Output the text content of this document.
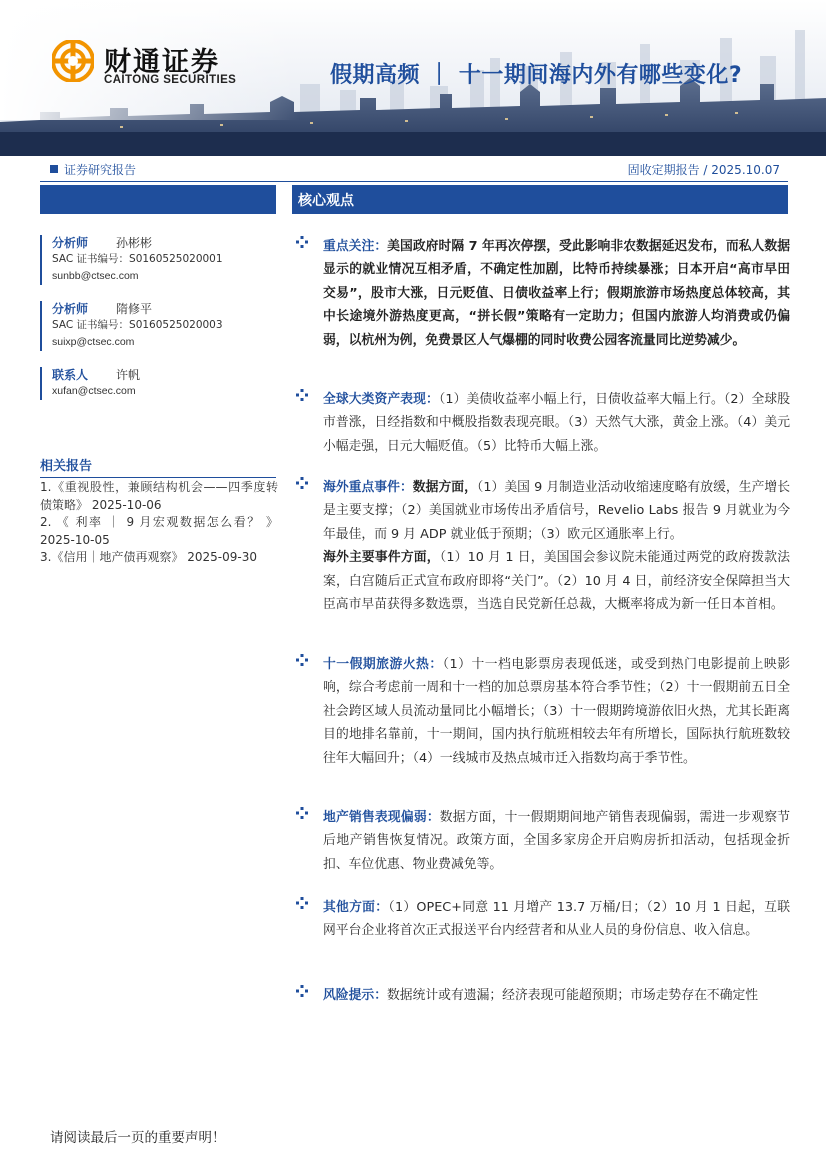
财通证券
CAITONG SECURITIES	假期高频 ｜ 十一期间海内外有哪些变化?
证券研究报告	固收定期报告 / 2025.10.07
分析师 孙彬彬
SAC 证书编号：S0160525020001
sunbb@ctsec.com
分析师 隋修平
SAC 证书编号：S0160525020003
suixp@ctsec.com
联系人 许帆
xufan@ctsec.com
相关报告
1.《重视股性，兼顾结构机会——四季度转债策略》 2025-10-06
2. 《 利率 ｜ 9 月宏观数据怎么看？ 》 2025-10-05
3.《信用｜地产债再观察》 2025-09-30
核心观点
重点关注：美国政府时隔 7 年再次停摆，受此影响非农数据延迟发布，而私人数据显示的就业情况互相矛盾，不确定性加剧，比特币持续暴涨；日本开启“高市早田交易”，股市大涨，日元贬值、日债收益率上行；假期旅游市场热度总体较高，其中长途境外游热度更高，“拼长假”策略有一定助力；但国内旅游人均消费或仍偏弱，以杭州为例，免费景区人气爆棚的同时收费公园客流量同比逆势减少。
全球大类资产表现：（1）美债收益率小幅上行，日债收益率大幅上行。（2）全球股市普涨，日经指数和中概股指数表现亮眼。（3）天然气大涨，黄金上涨。（4）美元小幅走强，日元大幅贬值。（5）比特币大幅上涨。
海外重点事件：数据方面，（1）美国 9 月制造业活动收缩速度略有放缓，生产增长是主要支撑；（2）美国就业市场传出矛盾信号，Revelio Labs 报告 9 月就业为今年最佳，而 9 月 ADP 就业低于预期；（3）欧元区通胀率上行。
海外主要事件方面，（1）10 月 1 日，美国国会参议院未能通过两党的政府拨款法案，白宫随后正式宣布政府即将“关门”。（2）10 月 4 日，前经济安全保障担当大臣高市早苗获得多数选票，当选自民党新任总裁，大概率将成为新一任日本首相。
十一假期旅游火热：（1）十一档电影票房表现低迷，或受到热门电影提前上映影响，综合考虑前一周和十一档的加总票房基本符合季节性；（2）十一假期前五日全社会跨区域人员流动量同比小幅增长；（3）十一假期跨境游依旧火热，尤其长距离目的地排名靠前，十一期间，国内执行航班相较去年有所增长，国际执行航班数较往年大幅回升；（4）一线城市及热点城市迁入指数均高于季节性。
地产销售表现偏弱：数据方面，十一假期期间地产销售表现偏弱，需进一步观察节后地产销售恢复情况。政策方面，全国多家房企开启购房折扣活动，包括现金折扣、车位优惠、物业费减免等。
其他方面：（1）OPEC+同意 11 月增产 13.7 万桶/日；（2）10 月 1 日起，互联网平台企业将首次正式报送平台内经营者和从业人员的身份信息、收入信息。
风险提示：数据统计或有遗漏；经济表现可能超预期；市场走势存在不确定性
请阅读最后一页的重要声明！
